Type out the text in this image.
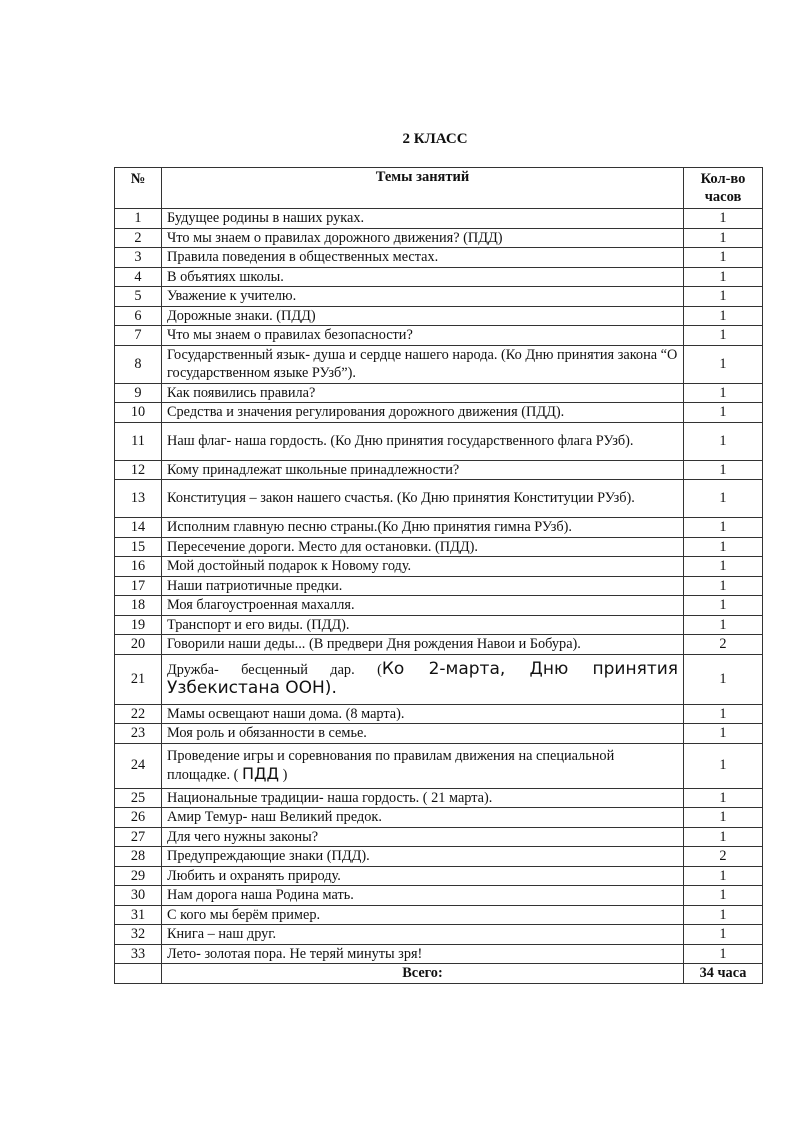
2 КЛАСС
№	Темы занятий	Кол-во часов
1	Будущее родины в наших руках.	1
2	Что мы знаем о правилах дорожного движения? (ПДД)	1
3	Правила поведения в общественных местах.	1
4	В объятиях школы.	1
5	Уважение к учителю.	1
6	Дорожные знаки. (ПДД)	1
7	Что мы знаем о правилах безопасности?	1
8	Государственный язык- душа и сердце нашего народа. (Ко Дню принятия закона “О государственном языке РУзб”).	1
9	Как появились правила?	1
10	Средства и значения регулирования дорожного движения (ПДД).	1
11	Наш флаг- наша гордость. (Ко Дню принятия государственного флага РУзб).	1
12	Кому принадлежат школьные принадлежности?	1
13	Конституция – закон нашего счастья. (Ко Дню принятия Конституции РУзб).	1
14	Исполним главную песню страны.(Ко Дню принятия гимна РУзб).	1
15	Пересечение дороги. Место для остановки. (ПДД).	1
16	Мой достойный подарок к Новому году.	1
17	Наши патриотичные предки.	1
18	Моя благоустроенная махалля.	1
19	Транспорт и его виды. (ПДД).	1
20	Говорили наши деды... (В предвери Дня рождения Навои и Бобура).	2
21	Дружба- бесценный дар. (Ко 2-марта, Дню принятия Узбекистана ООН).	1
22	Мамы освещают наши дома. (8 марта).	1
23	Моя роль и обязанности в семье.	1
24	Проведение игры и соревнования по правилам движения на специальной площадке. ( ПДД )	1
25	Национальные традиции- наша гордость. ( 21 марта).	1
26	Амир Темур- наш Великий предок.	1
27	Для чего нужны законы?	1
28	Предупреждающие знаки (ПДД).	2
29	Любить и охранять природу.	1
30	Нам дорога наша Родина мать.	1
31	С кого мы берём пример.	1
32	Книга – наш друг.	1
33	Лето- золотая пора. Не теряй минуты зря!	1
	Всего:	34 часа
